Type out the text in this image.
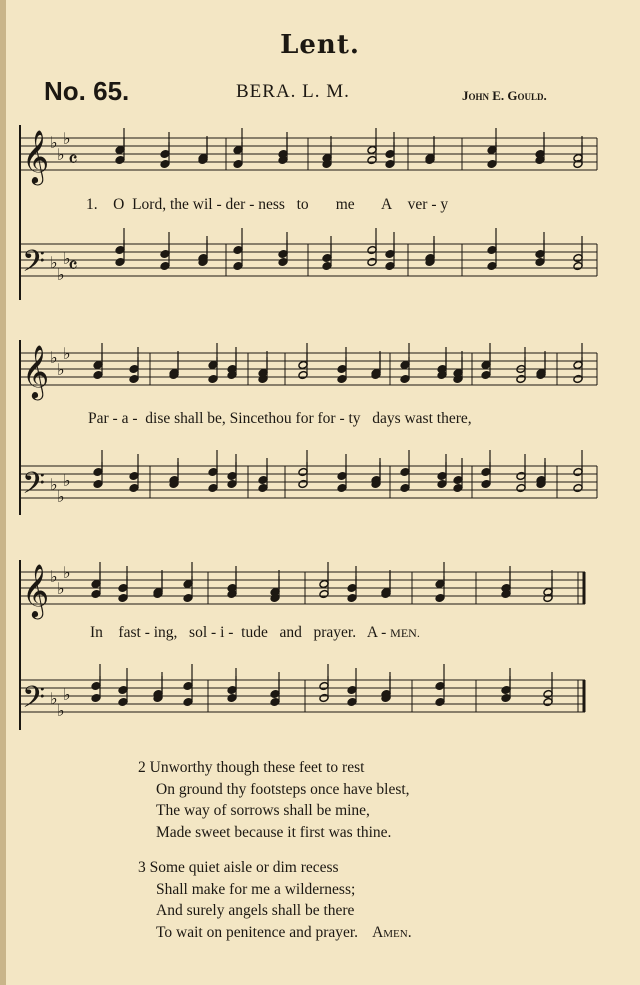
Lent.
No. 65.	BERA. L. M.	John E. Gould.
𝄞
𝄢
𝄞
𝄢
𝄞
𝄢
𝄴
𝄴
♭
♭
♭
♭
♭
♭
♭
♭
♭
♭
♭
♭
♭
♭
♭
♭
♭
♭
1. O Lord, the wil - der - ness to me A ver - y
Par - a - dise shall be, Sincethou for for - ty days wast there,
In fast - ing, sol - i - tude and prayer. A - MEN.
2 Unworthy though these feet to rest
On ground thy footsteps once have blest,
The way of sorrows shall be mine,
Made sweet because it first was thine.
3 Some quiet aisle or dim recess
Shall make for me a wilderness;
And surely angels shall be there
To wait on penitence and prayer. Amen.
